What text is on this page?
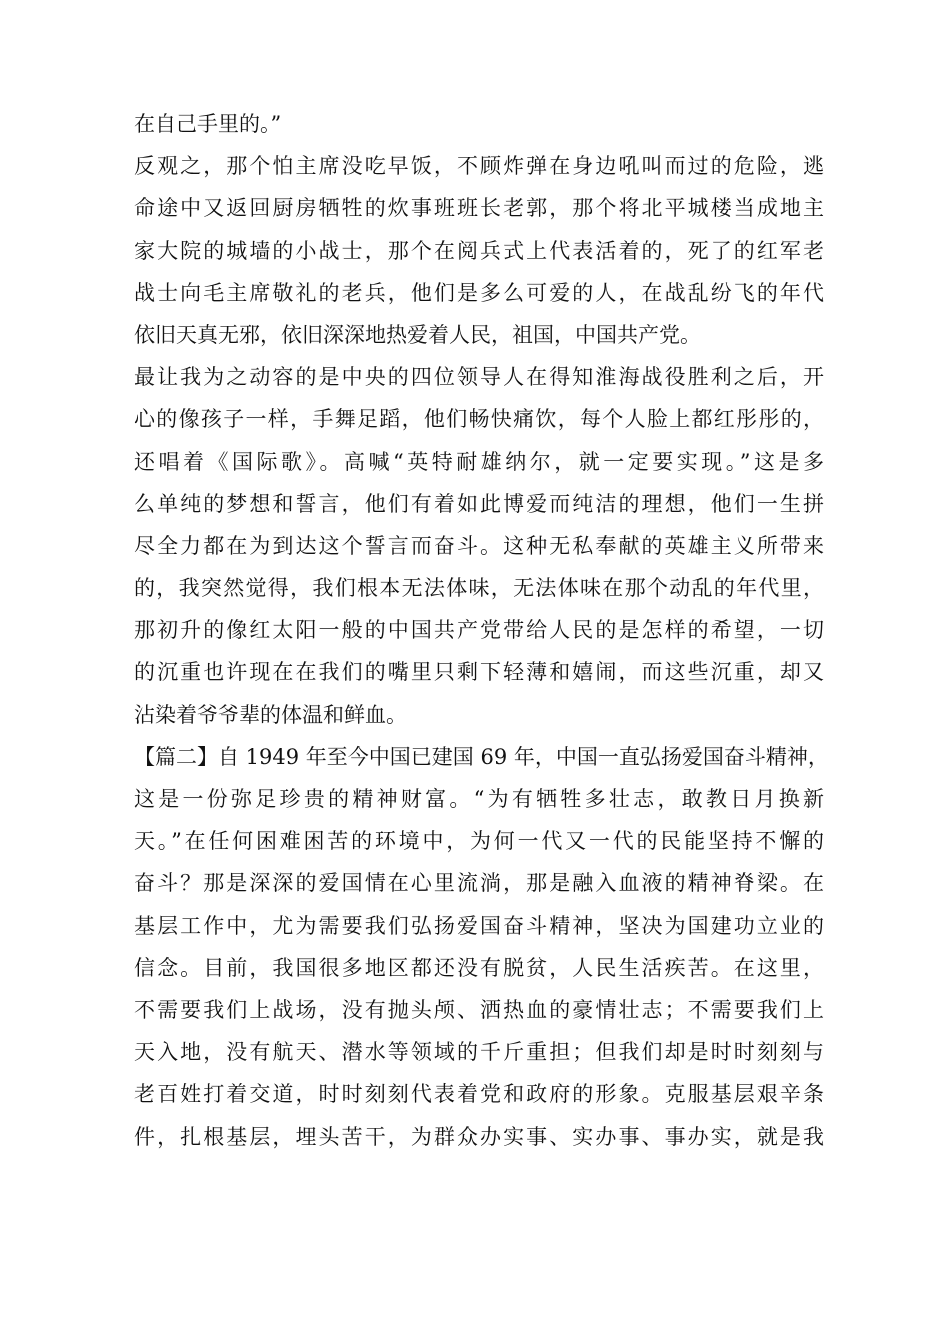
在自己手里的。”
反观之，那个怕主席没吃早饭，不顾炸弹在身边吼叫而过的危险，逃
命途中又返回厨房牺牲的炊事班班长老郭，那个将北平城楼当成地主
家大院的城墙的小战士，那个在阅兵式上代表活着的，死了的红军老
战士向毛主席敬礼的老兵，他们是多么可爱的人，在战乱纷飞的年代
依旧天真无邪，依旧深深地热爱着人民，祖国，中国共产党。
最让我为之动容的是中央的四位领导人在得知淮海战役胜利之后，开
心的像孩子一样，手舞足蹈，他们畅快痛饮，每个人脸上都红彤彤的，
还唱着《国际歌》。高喊“英特耐雄纳尔，就一定要实现。”这是多
么单纯的梦想和誓言，他们有着如此博爱而纯洁的理想，他们一生拼
尽全力都在为到达这个誓言而奋斗。这种无私奉献的英雄主义所带来
的，我突然觉得，我们根本无法体味，无法体味在那个动乱的年代里，
那初升的像红太阳一般的中国共产党带给人民的是怎样的希望，一切
的沉重也许现在在我们的嘴里只剩下轻薄和嬉闹，而这些沉重，却又
沾染着爷爷辈的体温和鲜血。
【篇二】自 1949 年至今中国已建国 69 年，中国一直弘扬爱国奋斗精神，
这是一份弥足珍贵的精神财富。“为有牺牲多壮志，敢教日月换新
天。”在任何困难困苦的环境中，为何一代又一代的民能坚持不懈的
奋斗？那是深深的爱国情在心里流淌，那是融入血液的精神脊梁。在
基层工作中，尤为需要我们弘扬爱国奋斗精神，坚决为国建功立业的
信念。目前，我国很多地区都还没有脱贫，人民生活疾苦。在这里，
不需要我们上战场，没有抛头颅、洒热血的豪情壮志；不需要我们上
天入地，没有航天、潜水等领域的千斤重担；但我们却是时时刻刻与
老百姓打着交道，时时刻刻代表着党和政府的形象。克服基层艰辛条
件，扎根基层，埋头苦干，为群众办实事、实办事、事办实，就是我
